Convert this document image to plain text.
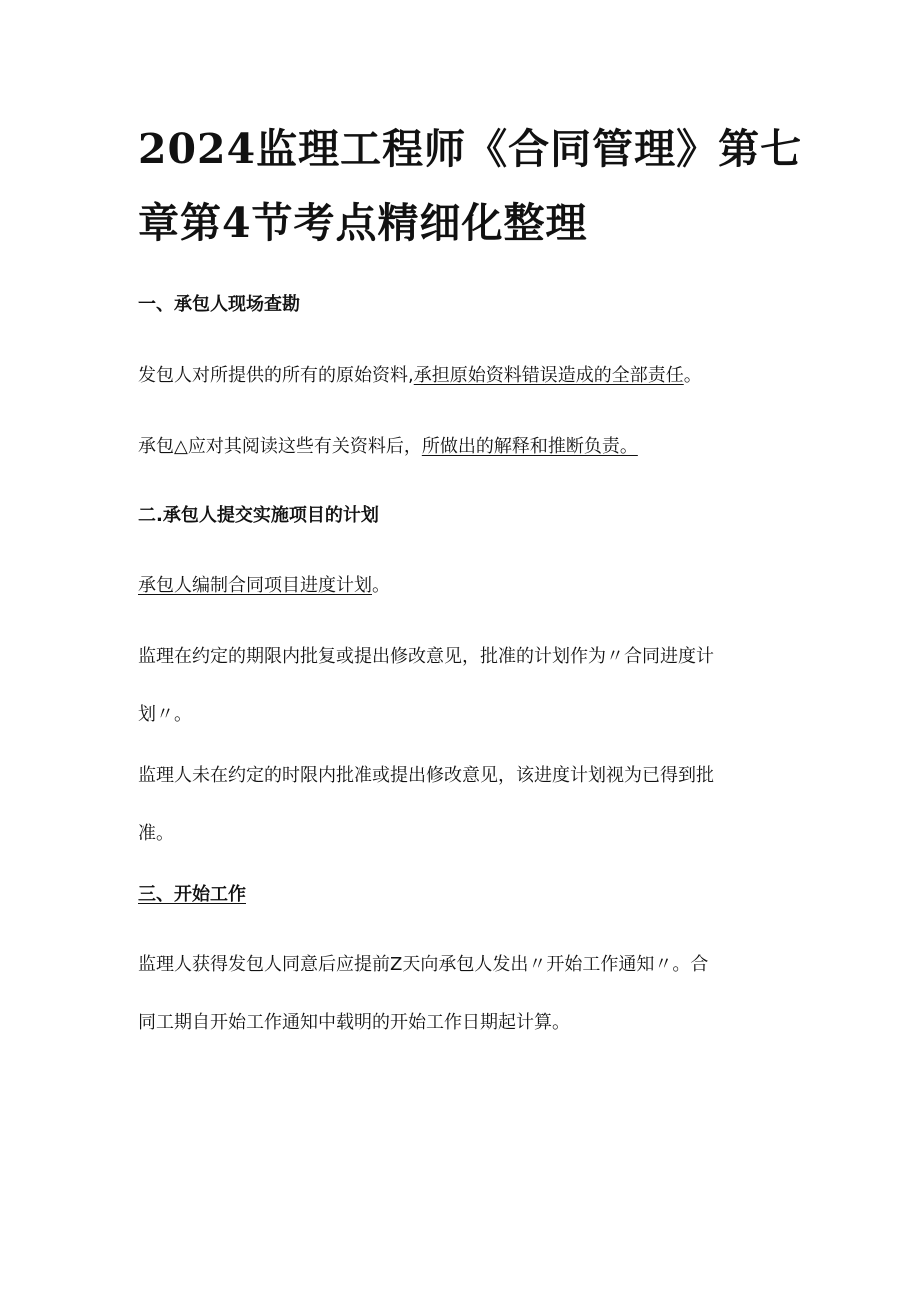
2024监理工程师《合同管理》第七
章第4节考点精细化整理
一、承包人现场查勘

发包人对所提供的所有的原始资料,承担原始资料错误造成的全部责任。

承包△应对其阅读这些有关资料后，所做出的解释和推断负责。

二.承包人提交实施项目的计划

承包人编制合同项目进度计划。

监理在约定的期限内批复或提出修改意见，批准的计划作为〃合同进度计
划〃。

监理人未在约定的时限内批准或提出修改意见，该进度计划视为已得到批
准。

三、开始工作

监理人获得发包人同意后应提前Z天向承包人发出〃开始工作通知〃。合
同工期自开始工作通知中载明的开始工作日期起计算。
